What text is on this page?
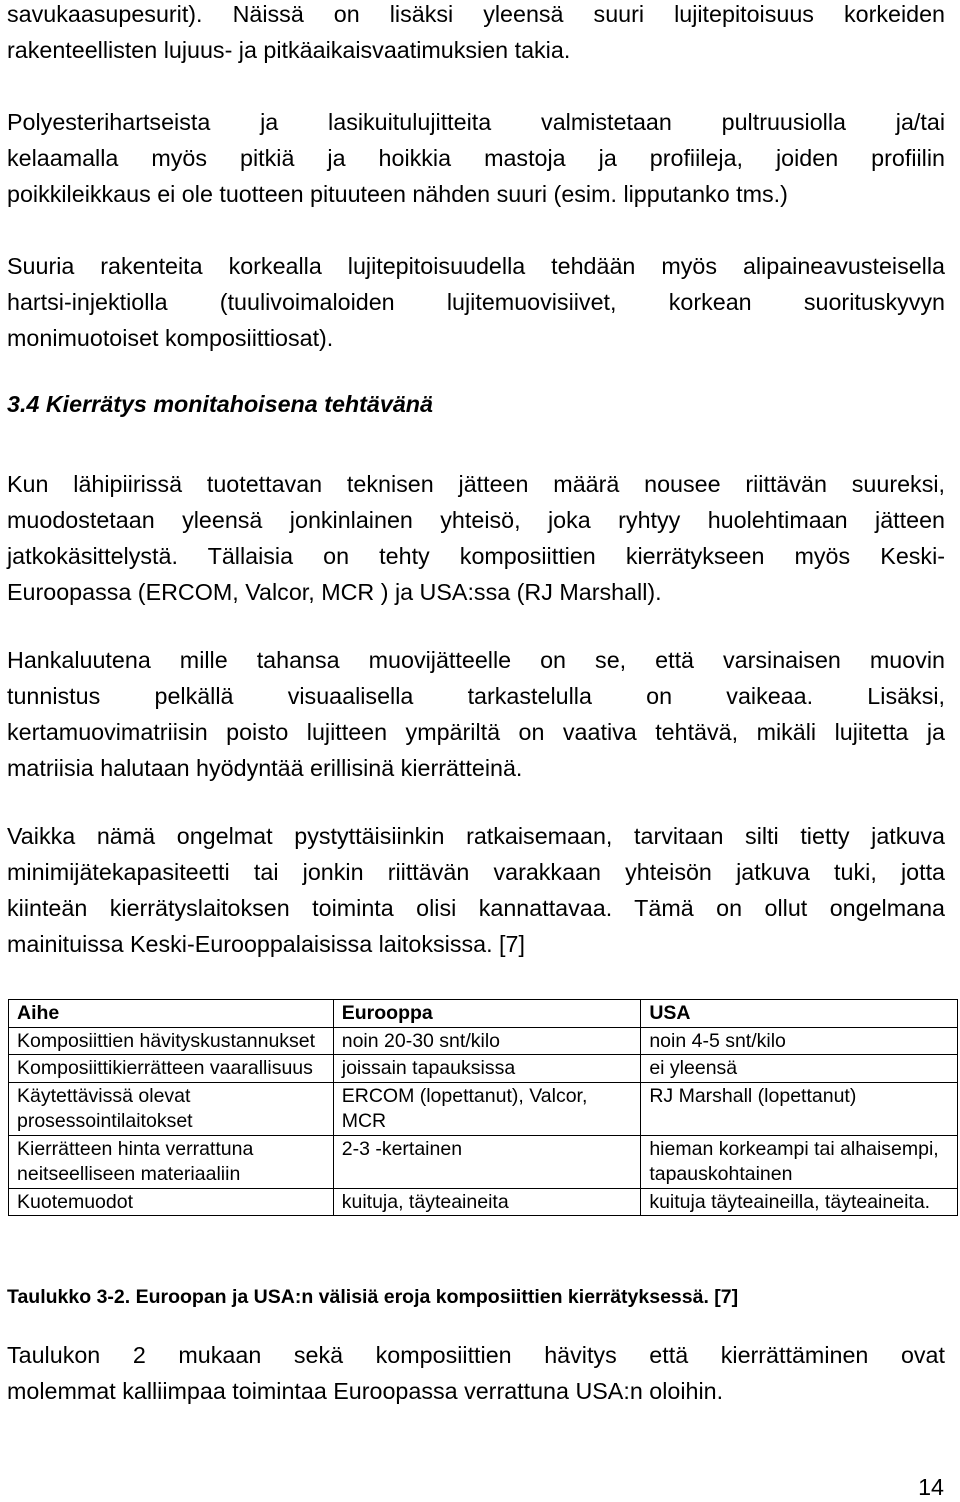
savukaasupesurit). Näissä on lisäksi yleensä suuri lujitepitoisuus korkeiden
rakenteellisten lujuus- ja pitkäaikaisvaatimuksien takia.
Polyesterihartseista ja lasikuitulujitteita valmistetaan pultruusiolla ja/tai
kelaamalla myös pitkiä ja hoikkia mastoja ja profiileja, joiden profiilin
poikkileikkaus ei ole tuotteen pituuteen nähden suuri (esim. lipputanko tms.)
Suuria rakenteita korkealla lujitepitoisuudella tehdään myös alipaineavusteisella
hartsi-injektiolla (tuulivoimaloiden lujitemuovisiivet, korkean suorituskyvyn
monimuotoiset komposiittiosat).
3.4 Kierrätys monitahoisena tehtävänä
Kun lähipiirissä tuotettavan teknisen jätteen määrä nousee riittävän suureksi,
muodostetaan yleensä jonkinlainen yhteisö, joka ryhtyy huolehtimaan jätteen
jatkokäsittelystä. Tällaisia on tehty komposiittien kierrätykseen myös Keski-
Euroopassa (ERCOM, Valcor, MCR ) ja USA:ssa (RJ Marshall).
Hankaluutena mille tahansa muovijätteelle on se, että varsinaisen muovin
tunnistus pelkällä visuaalisella tarkastelulla on vaikeaa. Lisäksi,
kertamuovimatriisin poisto lujitteen ympäriltä on vaativa tehtävä, mikäli lujitetta ja
matriisia halutaan hyödyntää erillisinä kierrätteinä.
Vaikka nämä ongelmat pystyttäisiinkin ratkaisemaan, tarvitaan silti tietty jatkuva
minimijätekapasiteetti tai jonkin riittävän varakkaan yhteisön jatkuva tuki, jotta
kiinteän kierrätyslaitoksen toiminta olisi kannattavaa. Tämä on ollut ongelmana
mainituissa Keski-Eurooppalaisissa laitoksissa. [7]
Aihe	Eurooppa	USA
Komposiittien hävityskustannukset	noin 20-30 snt/kilo	noin 4-5 snt/kilo
Komposiittikierrätteen vaarallisuus	joissain tapauksissa	ei yleensä
Käytettävissä olevat prosessointilaitokset	ERCOM (lopettanut), Valcor, MCR	RJ Marshall (lopettanut)
Kierrätteen hinta verrattuna neitseelliseen materiaaliin	2-3 -kertainen	hieman korkeampi tai alhaisempi, tapauskohtainen
Kuotemuodot	kuituja, täyteaineita	kuituja täyteaineilla, täyteaineita.

Taulukko 3-2. Euroopan ja USA:n välisiä eroja komposiittien kierrätyksessä. [7]

Taulukon 2 mukaan sekä komposiittien hävitys että kierrättäminen ovat
molemmat kalliimpaa toimintaa Euroopassa verrattuna USA:n oloihin.

14
